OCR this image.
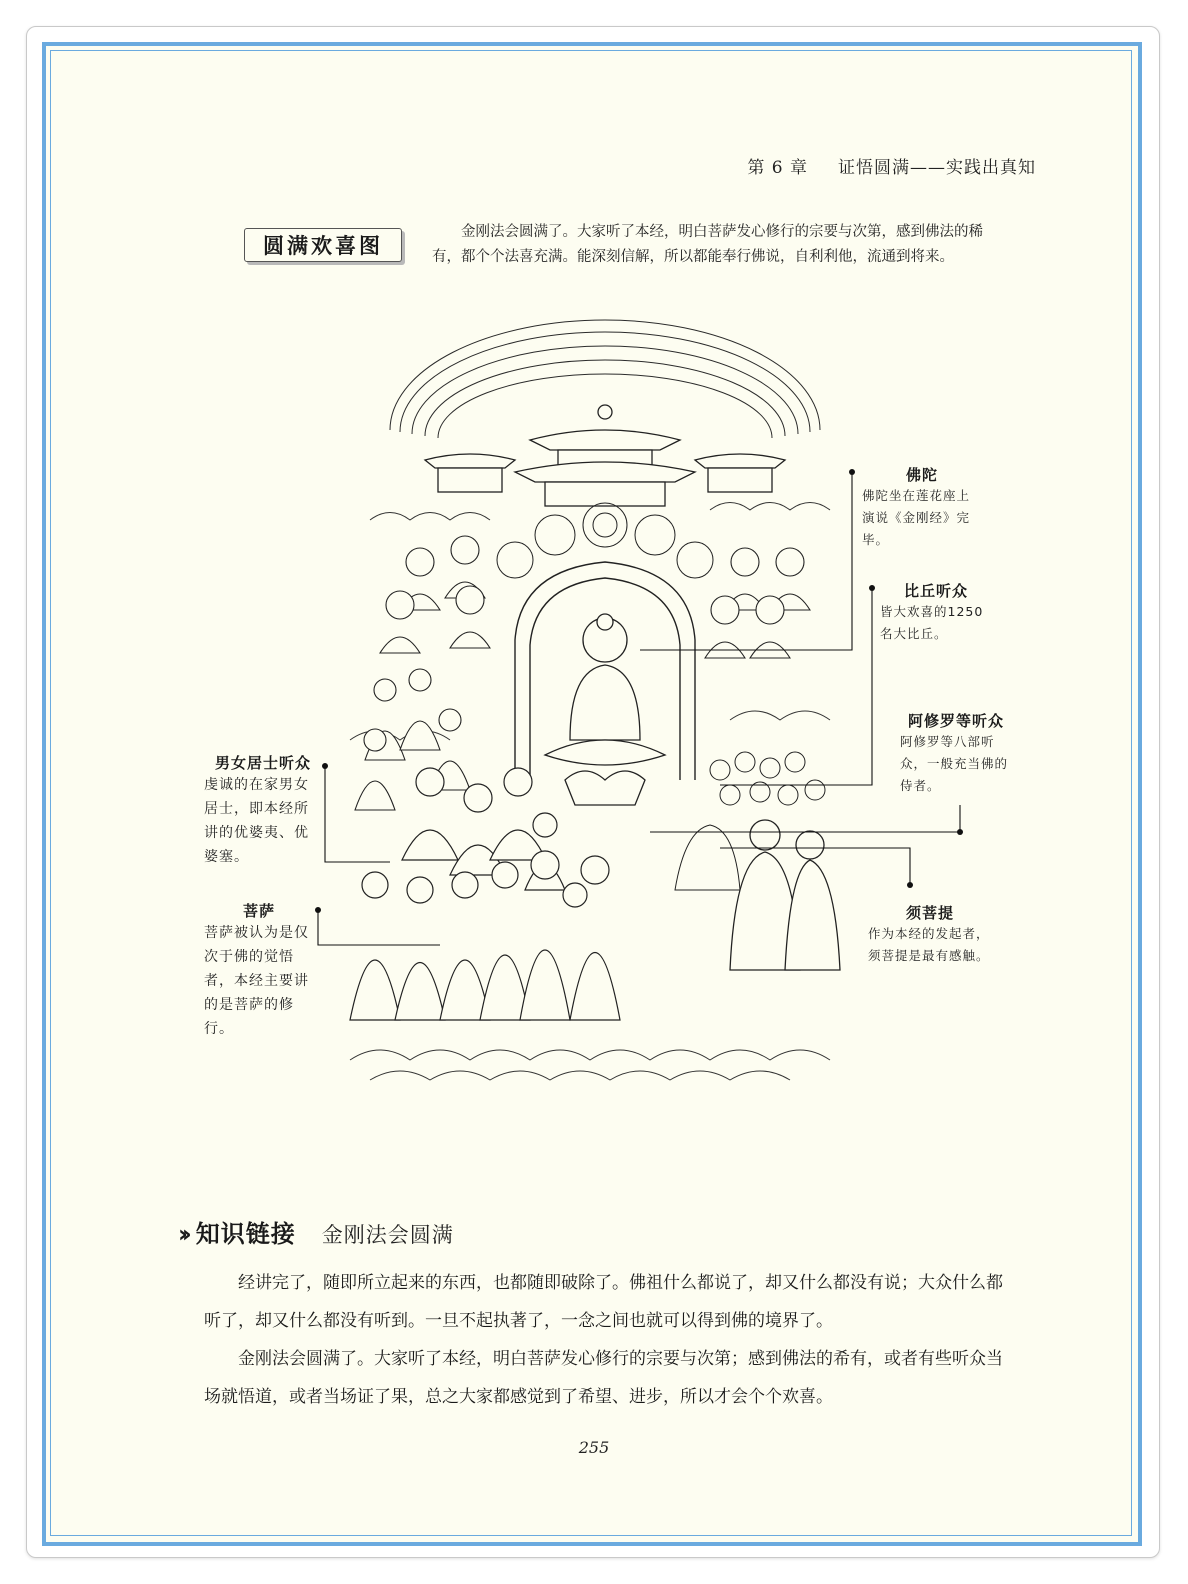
第 6 章 证悟圆满——实践出真知
圆满欢喜图
金刚法会圆满了。大家听了本经，明白菩萨发心修行的宗要与次第，感到佛法的稀有，都个个法喜充满。能深刻信解，所以都能奉行佛说，自利利他，流通到将来。
佛陀
佛陀坐在莲花座上演说《金刚经》完毕。
比丘听众
皆大欢喜的1250名大比丘。
阿修罗等听众
阿修罗等八部听众，一般充当佛的侍者。
须菩提
作为本经的发起者，须菩提是最有感触。
男女居士听众
虔诚的在家男女居士，即本经所讲的优婆夷、优婆塞。
菩萨
菩萨被认为是仅次于佛的觉悟者，本经主要讲的是菩萨的修行。
›› 知识链接 金刚法会圆满

经讲完了，随即所立起来的东西，也都随即破除了。佛祖什么都说了，却又什么都没有说；大众什么都听了，却又什么都没有听到。一旦不起执著了，一念之间也就可以得到佛的境界了。

金刚法会圆满了。大家听了本经，明白菩萨发心修行的宗要与次第；感到佛法的希有，或者有些听众当场就悟道，或者当场证了果，总之大家都感觉到了希望、进步，所以才会个个欢喜。

255
